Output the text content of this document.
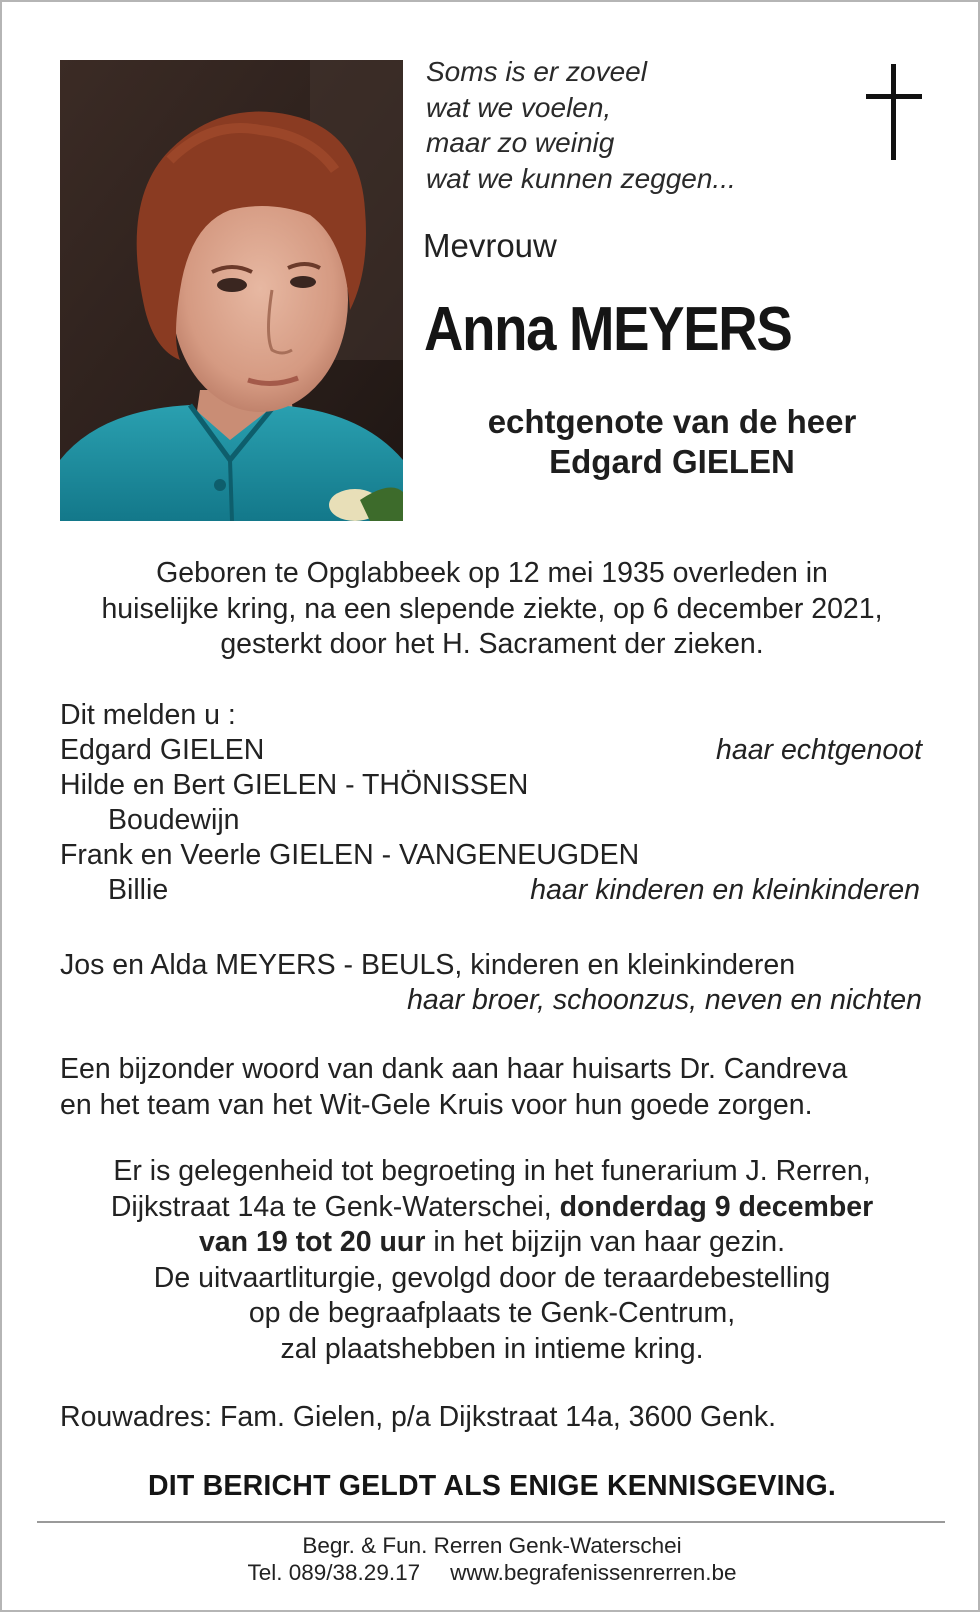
Soms is er zoveel
wat we voelen,
maar zo weinig
wat we kunnen zeggen...
Mevrouw
Anna MEYERS
echtgenote van de heer
Edgard GIELEN
Geboren te Opglabbeek op 12 mei 1935 overleden in
huiselijke kring, na een slepende ziekte, op 6 december 2021,
gesterkt door het H. Sacrament der zieken.
Dit melden u :
Edgard GIELEN	haar echtgenoot
Hilde en Bert GIELEN - THÖNISSEN
Boudewijn
Frank en Veerle GIELEN - VANGENEUGDEN
Billie	haar kinderen en kleinkinderen
Jos en Alda MEYERS - BEULS, kinderen en kleinkinderen
haar broer, schoonzus, neven en nichten
Een bijzonder woord van dank aan haar huisarts Dr. Candreva
en het team van het Wit-Gele Kruis voor hun goede zorgen.
Er is gelegenheid tot begroeting in het funerarium J. Rerren,
Dijkstraat 14a te Genk-Waterschei, donderdag 9 december
van 19 tot 20 uur in het bijzijn van haar gezin.
De uitvaartliturgie, gevolgd door de teraardebestelling
op de begraafplaats te Genk-Centrum,
zal plaatshebben in intieme kring.
Rouwadres: Fam. Gielen, p/a Dijkstraat 14a, 3600 Genk.
DIT BERICHT GELDT ALS ENIGE KENNISGEVING.
Begr. & Fun. Rerren Genk-Waterschei
Tel. 089/38.29.17 www.begrafenissenrerren.be
